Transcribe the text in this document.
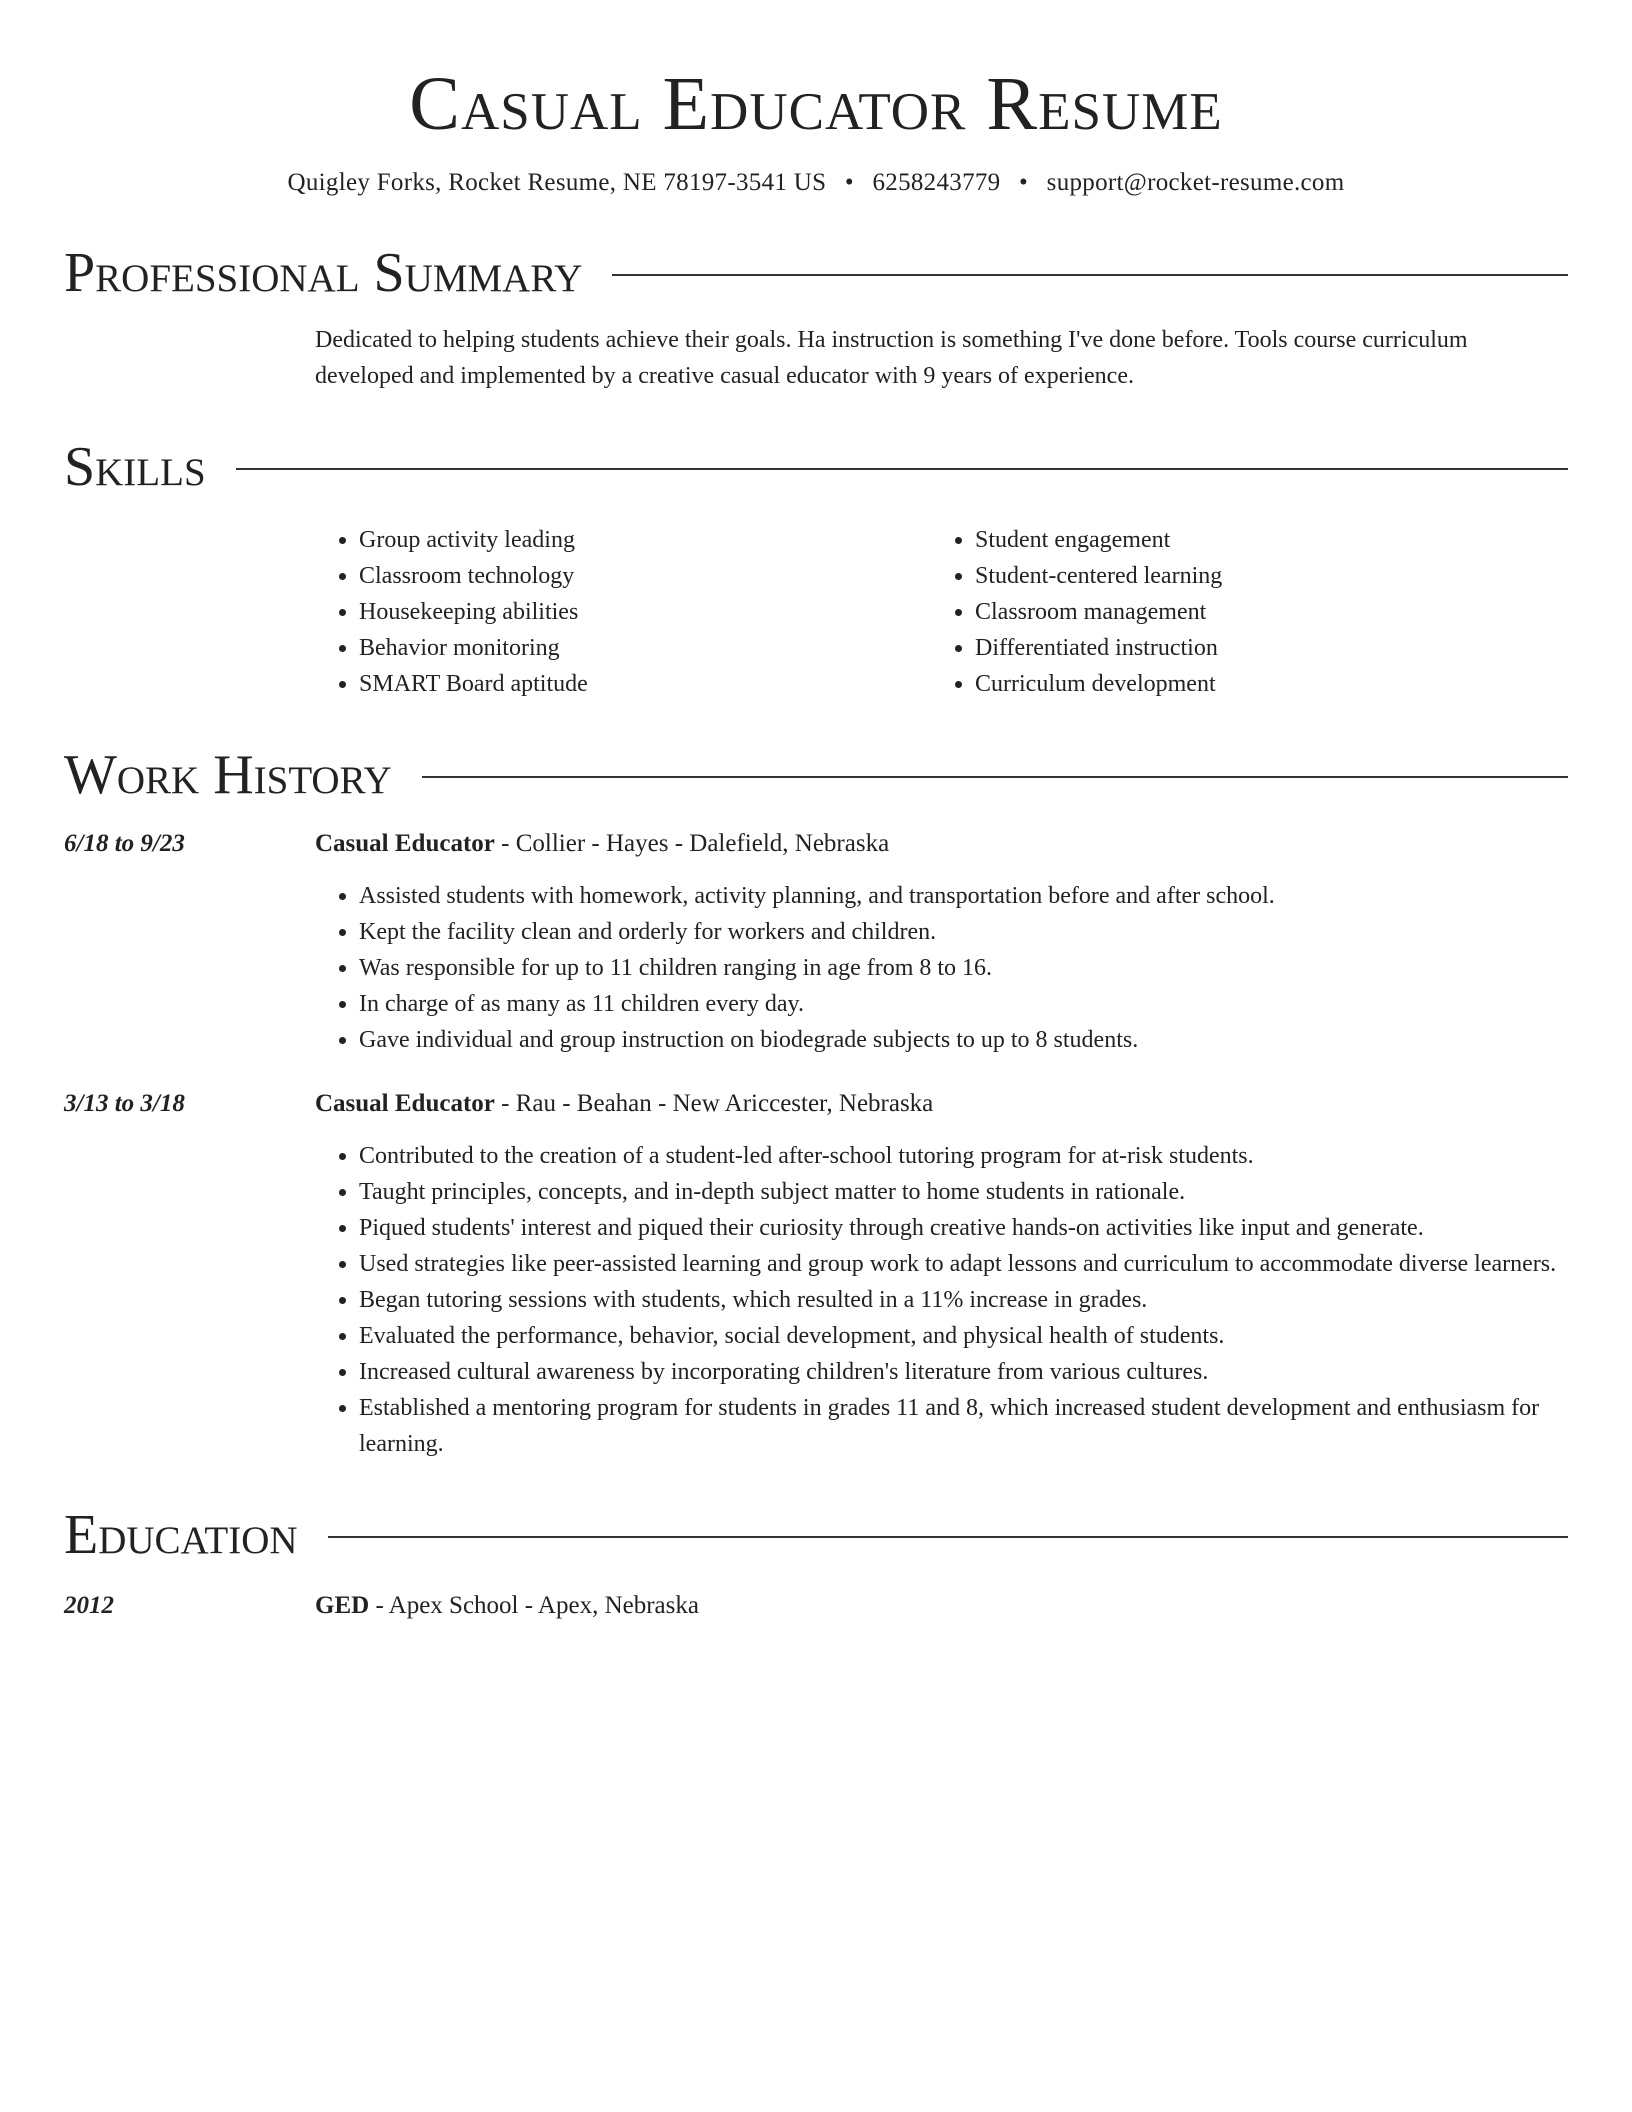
Casual Educator Resume
Quigley Forks, Rocket Resume, NE 78197-3541 US • 6258243779 • support@rocket-resume.com
Professional Summary

Dedicated to helping students achieve their goals. Ha instruction is something I've done before. Tools course curriculum developed and implemented by a creative casual educator with 9 years of experience.

Skills
• Group activity leading
• Classroom technology
• Housekeeping abilities
• Behavior monitoring
• SMART Board aptitude
• Student engagement
• Student-centered learning
• Classroom management
• Differentiated instruction
• Curriculum development
Work History
6/18 to 9/23	Casual Educator - Collier - Hayes - Dalefield, Nebraska
• Assisted students with homework, activity planning, and transportation before and after school.
• Kept the facility clean and orderly for workers and children.
• Was responsible for up to 11 children ranging in age from 8 to 16.
• In charge of as many as 11 children every day.
• Gave individual and group instruction on biodegrade subjects to up to 8 students.
3/13 to 3/18	Casual Educator - Rau - Beahan - New Ariccester, Nebraska
• Contributed to the creation of a student-led after-school tutoring program for at-risk students.
• Taught principles, concepts, and in-depth subject matter to home students in rationale.
• Piqued students' interest and piqued their curiosity through creative hands-on activities like input and generate.
• Used strategies like peer-assisted learning and group work to adapt lessons and curriculum to accommodate diverse learners.
• Began tutoring sessions with students, which resulted in a 11% increase in grades.
• Evaluated the performance, behavior, social development, and physical health of students.
• Increased cultural awareness by incorporating children's literature from various cultures.
• Established a mentoring program for students in grades 11 and 8, which increased student development and enthusiasm for learning.
Education
2012	GED - Apex School - Apex, Nebraska
